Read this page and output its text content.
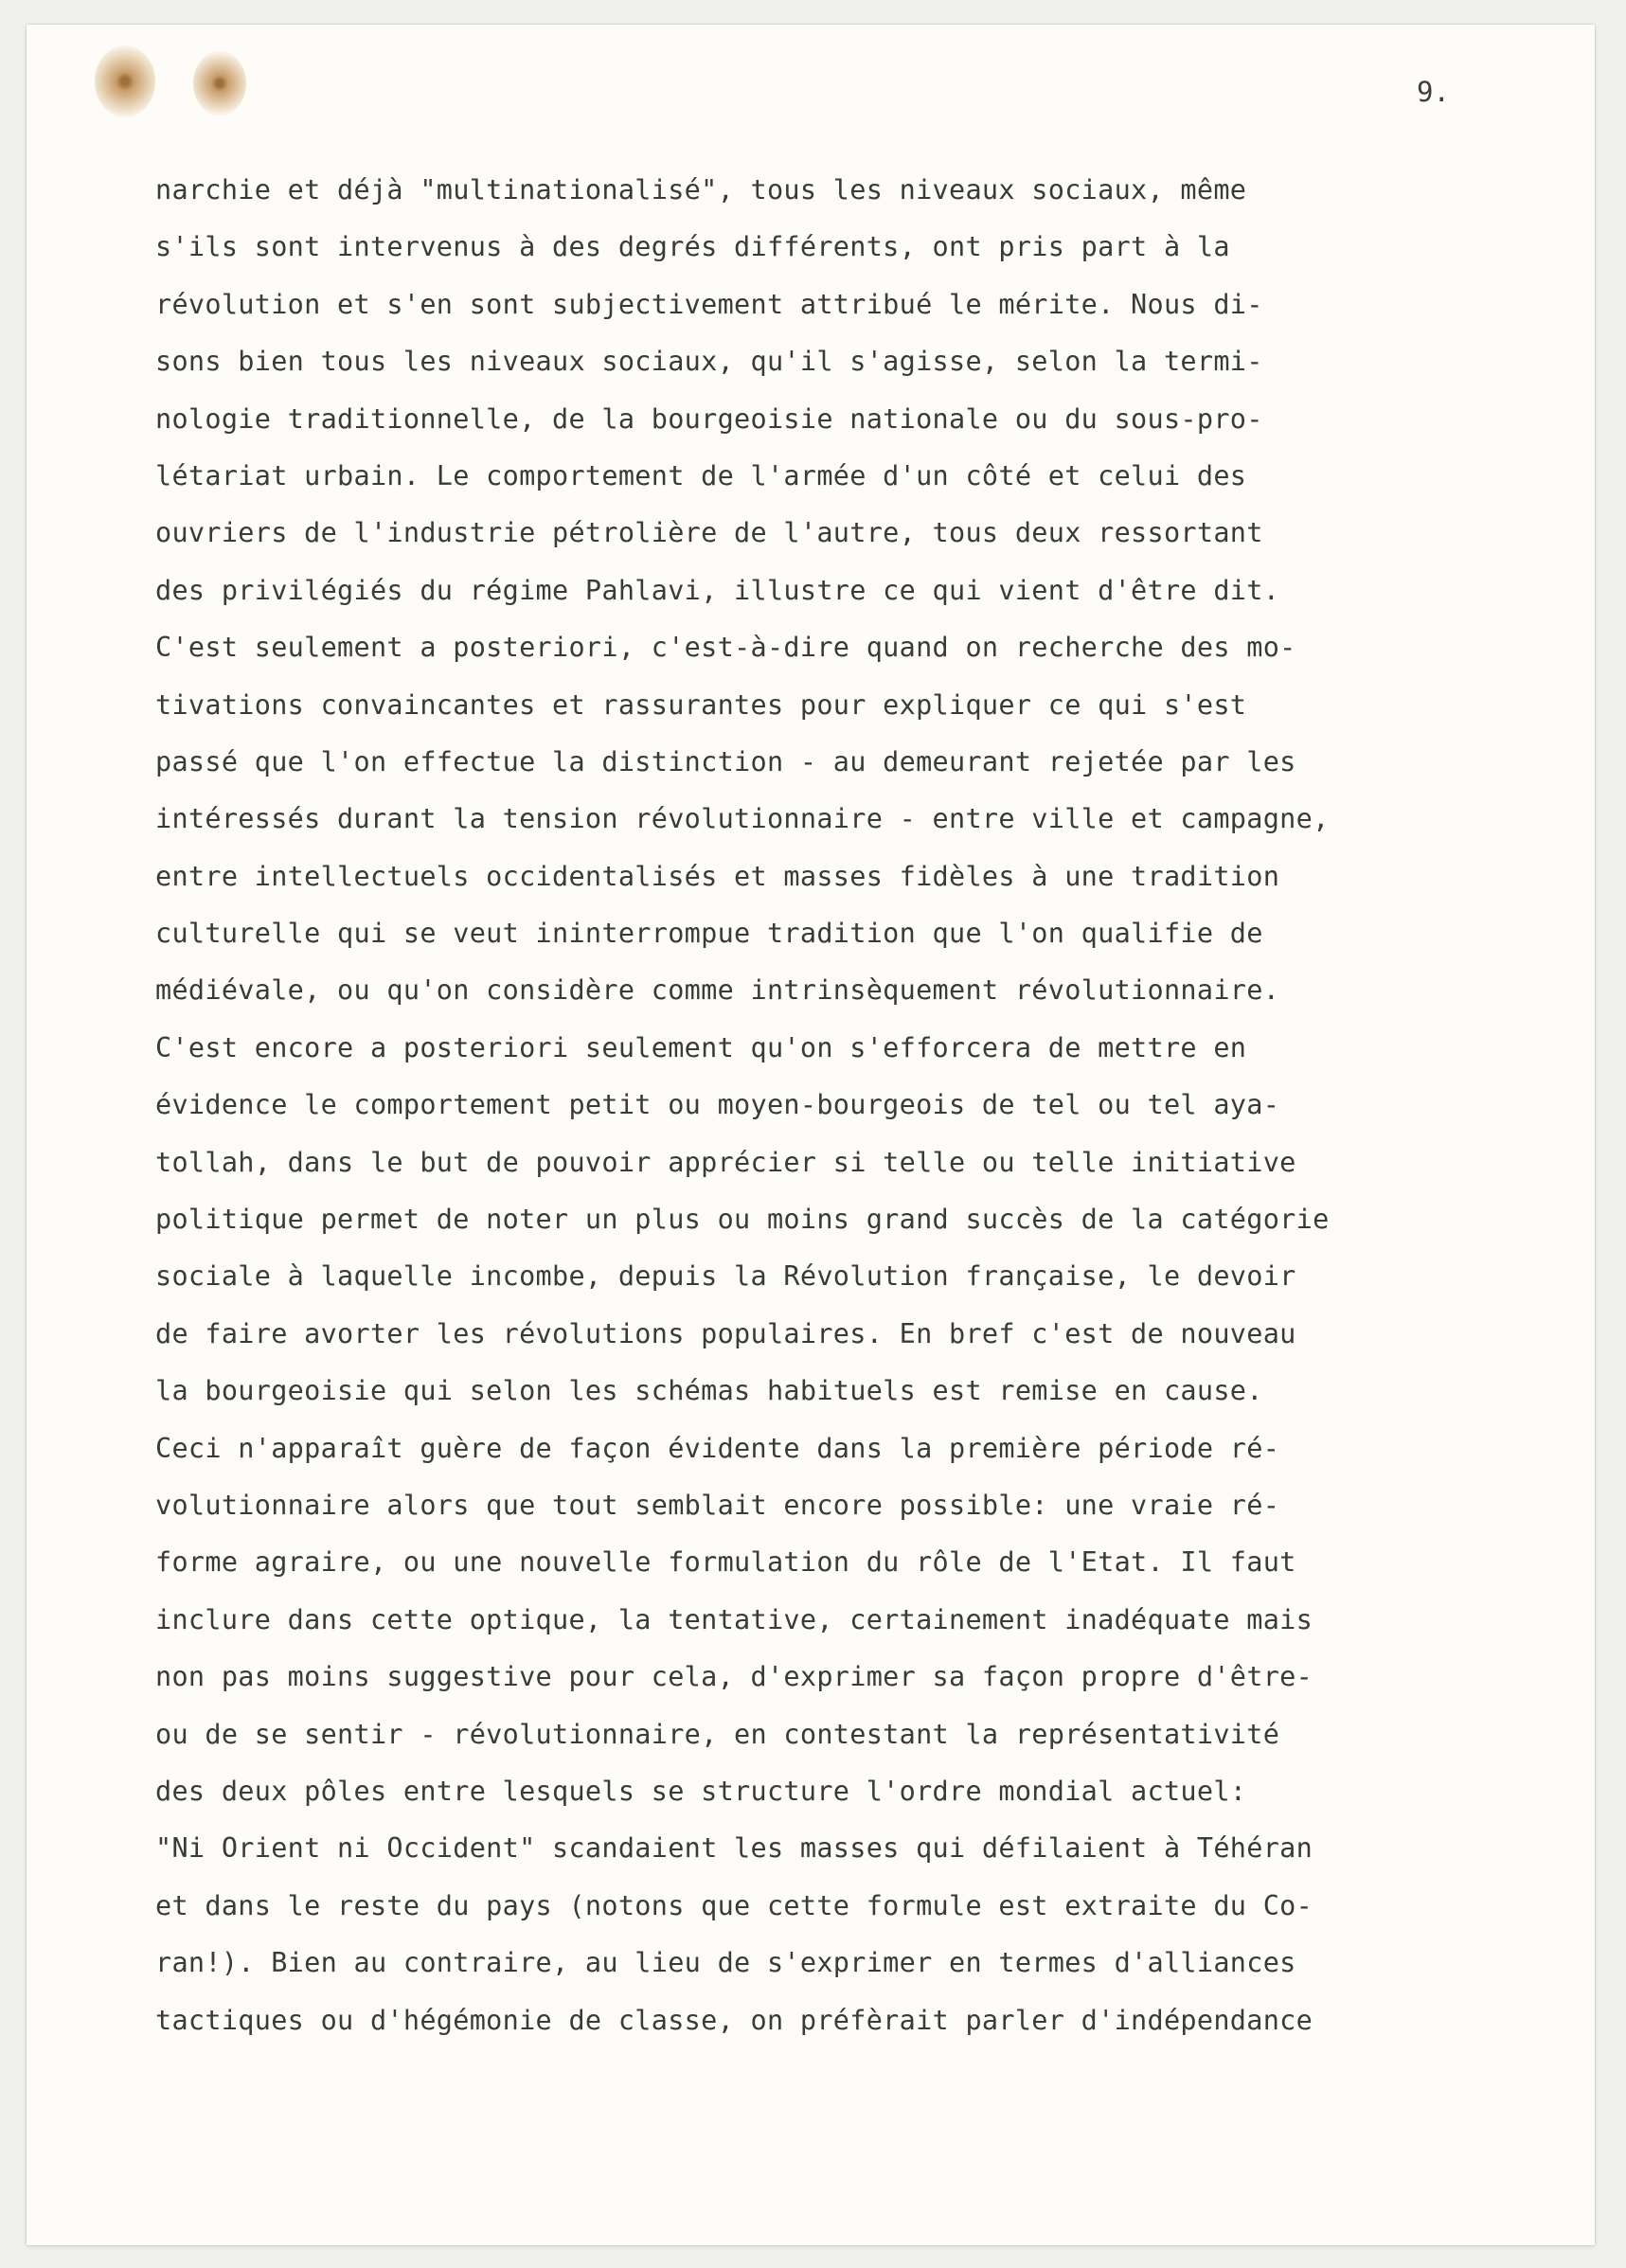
9.
narchie et déjà "multinationalisé", tous les niveaux sociaux, même
s'ils sont intervenus à des degrés différents, ont pris part à la
révolution et s'en sont subjectivement attribué le mérite. Nous di-
sons bien tous les niveaux sociaux, qu'il s'agisse, selon la termi-
nologie traditionnelle, de la bourgeoisie nationale ou du sous-pro-
létariat urbain. Le comportement de l'armée d'un côté et celui des
ouvriers de l'industrie pétrolière de l'autre, tous deux ressortant
des privilégiés du régime Pahlavi, illustre ce qui vient d'être dit.
C'est seulement a posteriori, c'est-à-dire quand on recherche des mo-
tivations convaincantes et rassurantes pour expliquer ce qui s'est
passé que l'on effectue la distinction - au demeurant rejetée par les
intéressés durant la tension révolutionnaire - entre ville et campagne,
entre intellectuels occidentalisés et masses fidèles à une tradition
culturelle qui se veut ininterrompue tradition que l'on qualifie de
médiévale, ou qu'on considère comme intrinsèquement révolutionnaire.
C'est encore a posteriori seulement qu'on s'efforcera de mettre en
évidence le comportement petit ou moyen-bourgeois de tel ou tel aya-
tollah, dans le but de pouvoir apprécier si telle ou telle initiative
politique permet de noter un plus ou moins grand succès de la catégorie
sociale à laquelle incombe, depuis la Révolution française, le devoir
de faire avorter les révolutions populaires. En bref c'est de nouveau
la bourgeoisie qui selon les schémas habituels est remise en cause.
Ceci n'apparaît guère de façon évidente dans la première période ré-
volutionnaire alors que tout semblait encore possible: une vraie ré-
forme agraire, ou une nouvelle formulation du rôle de l'Etat. Il faut
inclure dans cette optique, la tentative, certainement inadéquate mais
non pas moins suggestive pour cela, d'exprimer sa façon propre d'être-
ou de se sentir - révolutionnaire, en contestant la représentativité
des deux pôles entre lesquels se structure l'ordre mondial actuel:
"Ni Orient ni Occident" scandaient les masses qui défilaient à Téhéran
et dans le reste du pays (notons que cette formule est extraite du Co-
ran!). Bien au contraire, au lieu de s'exprimer en termes d'alliances
tactiques ou d'hégémonie de classe, on préfèrait parler d'indépendance
